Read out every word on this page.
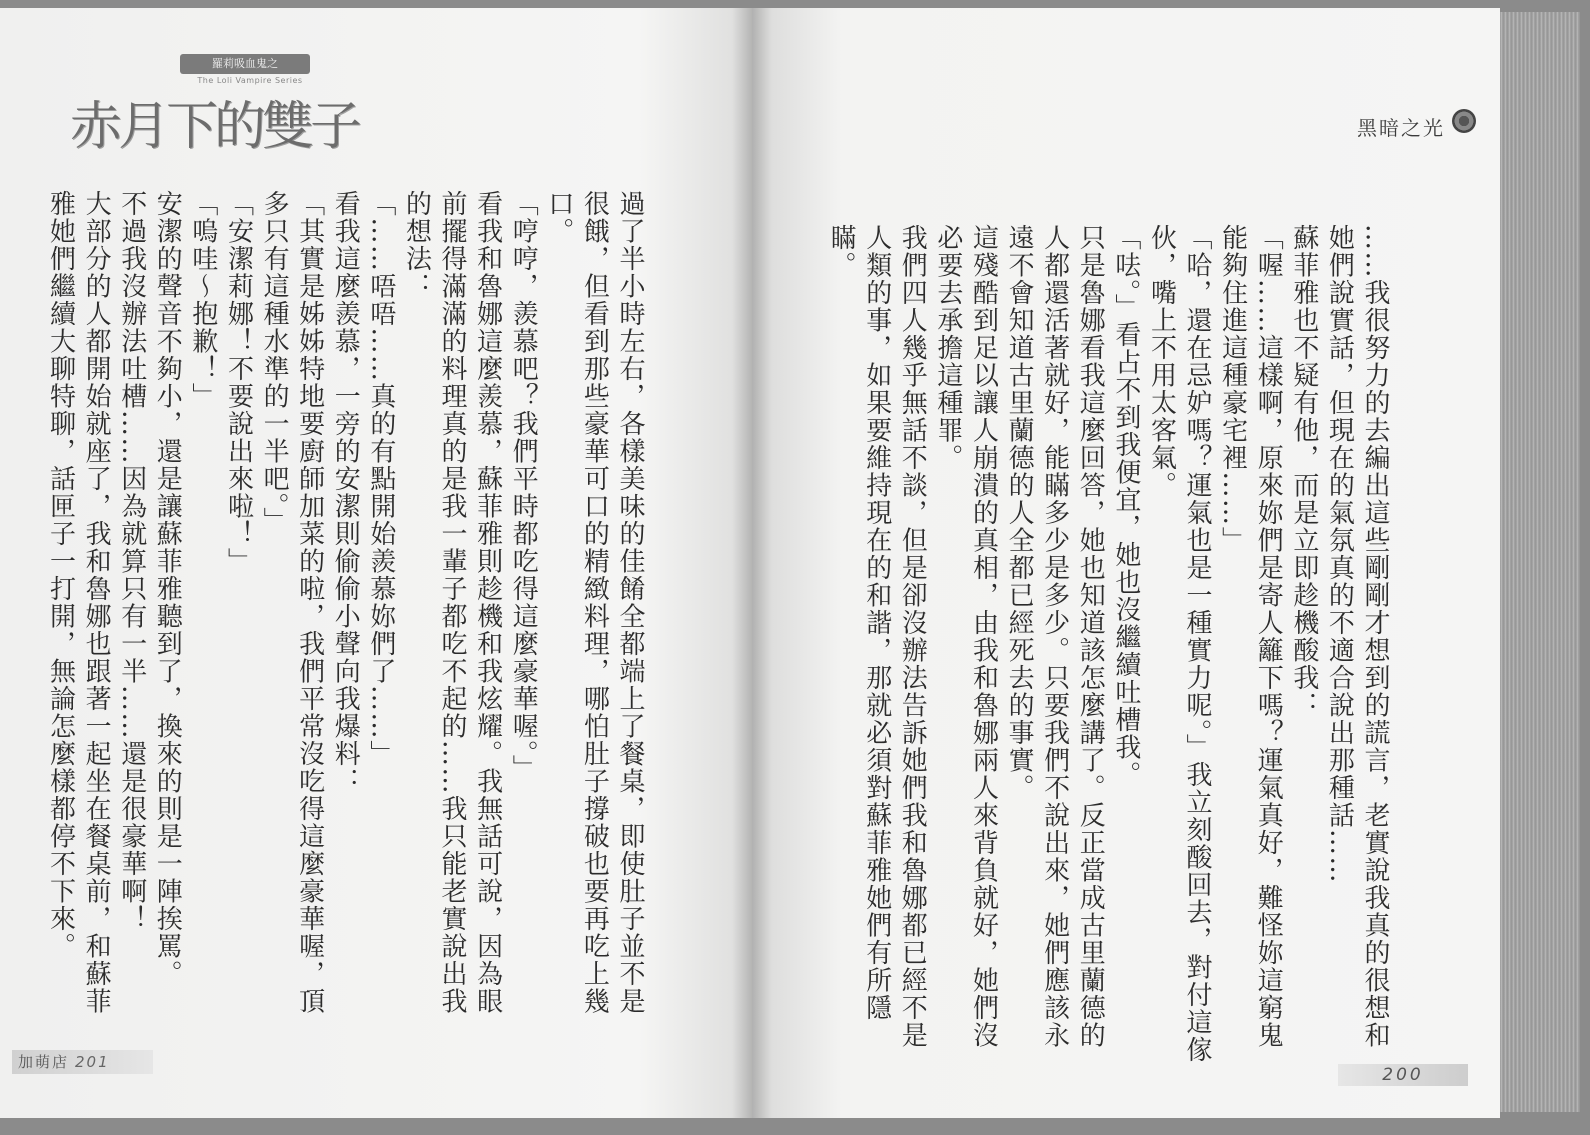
羅莉吸血鬼之
The Loli Vampire Series
赤月下的雙子

過了半小時左右，各樣美味的佳餚全都端上了餐桌，即使肚子並不是很餓，但看到那些豪華可口的精緻料理，哪怕肚子撐破也要再吃上幾口。

「哼哼，羨慕吧？我們平時都吃得這麼豪華喔。」

看我和魯娜這麼羨慕，蘇菲雅則趁機和我炫耀。我無話可說，因為眼前擺得滿滿的料理真的是我一輩子都吃不起的……我只能老實說出我的想法：

「……唔唔……真的有點開始羨慕妳們了……」

看我這麼羨慕，一旁的安潔則偷偷小聲向我爆料：

「其實是姊姊特地要廚師加菜的啦，我們平常沒吃得這麼豪華喔，頂多只有這種水準的一半吧。」

「安潔莉娜！不要說出來啦！」

「嗚哇～抱歉！」

安潔的聲音不夠小，還是讓蘇菲雅聽到了，換來的則是一陣挨罵。

不過我沒辦法吐槽……因為就算只有一半……還是很豪華啊！

大部分的人都開始就座了，我和魯娜也跟著一起坐在餐桌前，和蘇菲雅她們繼續大聊特聊，話匣子一打開，無論怎麼樣都停不下來。

加萌店 201
黑暗之光

……我很努力的去編出這些剛剛才想到的謊言，老實說我真的很想和她們說實話，但現在的氣氛真的不適合說出那種話……

蘇菲雅也不疑有他，而是立即趁機酸我：

「喔……這樣啊，原來妳們是寄人籬下嗎？運氣真好，難怪妳這窮鬼能夠住進這種豪宅裡……」

「哈，還在忌妒嗎？運氣也是一種實力呢。」我立刻酸回去，對付這傢伙，嘴上不用太客氣。

「呿。」看占不到我便宜，她也沒繼續吐槽我。

只是魯娜看我這麼回答，她也知道該怎麼講了。反正當成古里蘭德的人都還活著就好，能瞞多少是多少。只要我們不說出來，她們應該永遠不會知道古里蘭德的人全都已經死去的事實。

這殘酷到足以讓人崩潰的真相，由我和魯娜兩人來背負就好，她們沒必要去承擔這種罪。

我們四人幾乎無話不談，但是卻沒辦法告訴她們我和魯娜都已經不是人類的事，如果要維持現在的和諧，那就必須對蘇菲雅她們有所隱瞞。

200
